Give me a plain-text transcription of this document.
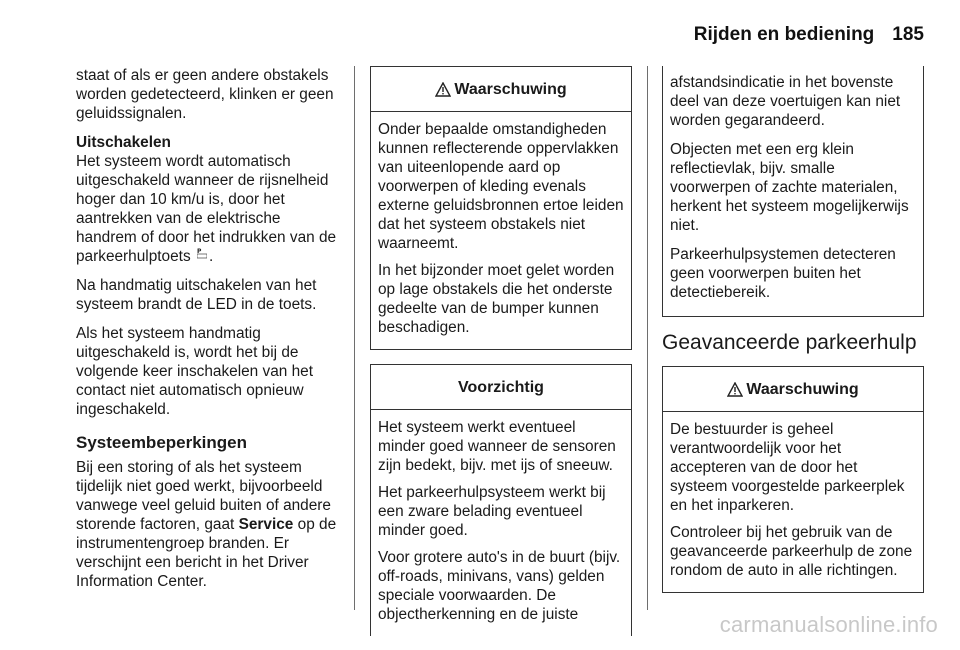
Rijden en bediening 185

staat of als er geen andere obstakels worden gedetecteerd, klinken er geen geluidssignalen.

Uitschakelen
Het systeem wordt automatisch uitgeschakeld wanneer de rijsnelheid hoger dan 10 km/u is, door het aantrekken van de elektrische handrem of door het indrukken van de parkeerhulptoets P .

Na handmatig uitschakelen van het systeem brandt de LED in de toets.

Als het systeem handmatig uitgeschakeld is, wordt het bij de volgende keer inschakelen van het contact niet automatisch opnieuw ingeschakeld.

Systeembeperkingen

Bij een storing of als het systeem tijdelijk niet goed werkt, bijvoorbeeld vanwege veel geluid buiten of andere storende factoren, gaat Service op de instrumentengroep branden. Er verschijnt een bericht in het Driver Information Center.

Waarschuwing

Onder bepaalde omstandigheden kunnen reflecterende oppervlakken van uiteenlopende aard op voorwerpen of kleding evenals externe geluidsbronnen ertoe leiden dat het systeem obstakels niet waarneemt.

In het bijzonder moet gelet worden op lage obstakels die het onderste gedeelte van de bumper kunnen beschadigen.

Voorzichtig

Het systeem werkt eventueel minder goed wanneer de sensoren zijn bedekt, bijv. met ijs of sneeuw.

Het parkeerhulpsysteem werkt bij een zware belading eventueel minder goed.

Voor grotere auto's in de buurt (bijv. off-roads, minivans, vans) gelden speciale voorwaarden. De objectherkenning en de juiste

afstandsindicatie in het bovenste deel van deze voertuigen kan niet worden gegarandeerd.

Objecten met een erg klein reflectievlak, bijv. smalle voorwerpen of zachte materialen, herkent het systeem mogelijkerwijs niet.

Parkeerhulpsystemen detecteren geen voorwerpen buiten het detectiebereik.

Geavanceerde parkeerhulp
Waarschuwing

De bestuurder is geheel verantwoordelijk voor het accepteren van de door het systeem voorgestelde parkeerplek en het inparkeren.

Controleer bij het gebruik van de geavanceerde parkeerhulp de zone rondom de auto in alle richtingen.

carmanualsonline.info
